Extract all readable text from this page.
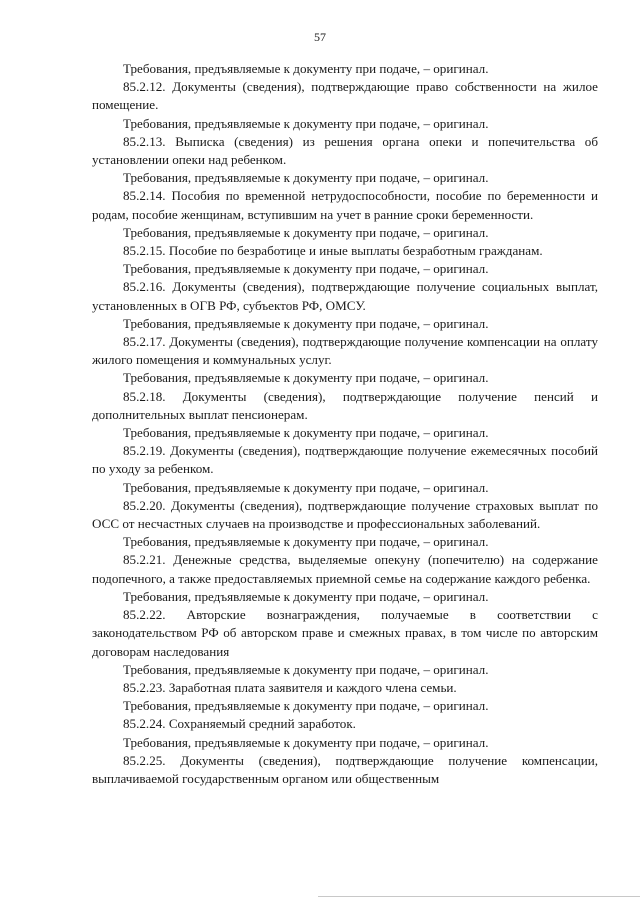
57

Требования, предъявляемые к документу при подаче, – оригинал.

85.2.12. Документы (сведения), подтверждающие право собственности на жилое помещение.

Требования, предъявляемые к документу при подаче, – оригинал.

85.2.13. Выписка (сведения) из решения органа опеки и попечительства об установлении опеки над ребенком.

Требования, предъявляемые к документу при подаче, – оригинал.

85.2.14. Пособия по временной нетрудоспособности, пособие по беременности и родам, пособие женщинам, вступившим на учет в ранние сроки беременности.

Требования, предъявляемые к документу при подаче, – оригинал.

85.2.15. Пособие по безработице и иные выплаты безработным гражданам.

Требования, предъявляемые к документу при подаче, – оригинал.

85.2.16. Документы (сведения), подтверждающие получение социальных выплат, установленных в ОГВ РФ, субъектов РФ, ОМСУ.

Требования, предъявляемые к документу при подаче, – оригинал.

85.2.17. Документы (сведения), подтверждающие получение компенсации на оплату жилого помещения и коммунальных услуг.

Требования, предъявляемые к документу при подаче, – оригинал.

85.2.18. Документы (сведения), подтверждающие получение пенсий и дополнительных выплат пенсионерам.

Требования, предъявляемые к документу при подаче, – оригинал.

85.2.19. Документы (сведения), подтверждающие получение ежемесячных пособий по уходу за ребенком.

Требования, предъявляемые к документу при подаче, – оригинал.

85.2.20. Документы (сведения), подтверждающие получение страховых выплат по ОСС от несчастных случаев на производстве и профессиональных заболеваний.

Требования, предъявляемые к документу при подаче, – оригинал.

85.2.21. Денежные средства, выделяемые опекуну (попечителю) на содержание подопечного, а также предоставляемых приемной семье на содержание каждого ребенка.

Требования, предъявляемые к документу при подаче, – оригинал.

85.2.22. Авторские вознаграждения, получаемые в соответствии с законодательством РФ об авторском праве и смежных правах, в том числе по авторским договорам наследования

Требования, предъявляемые к документу при подаче, – оригинал.

85.2.23. Заработная плата заявителя и каждого члена семьи.

Требования, предъявляемые к документу при подаче, – оригинал.

85.2.24. Сохраняемый средний заработок.

Требования, предъявляемые к документу при подаче, – оригинал.

85.2.25. Документы (сведения), подтверждающие получение компенсации, выплачиваемой государственным органом или общественным
